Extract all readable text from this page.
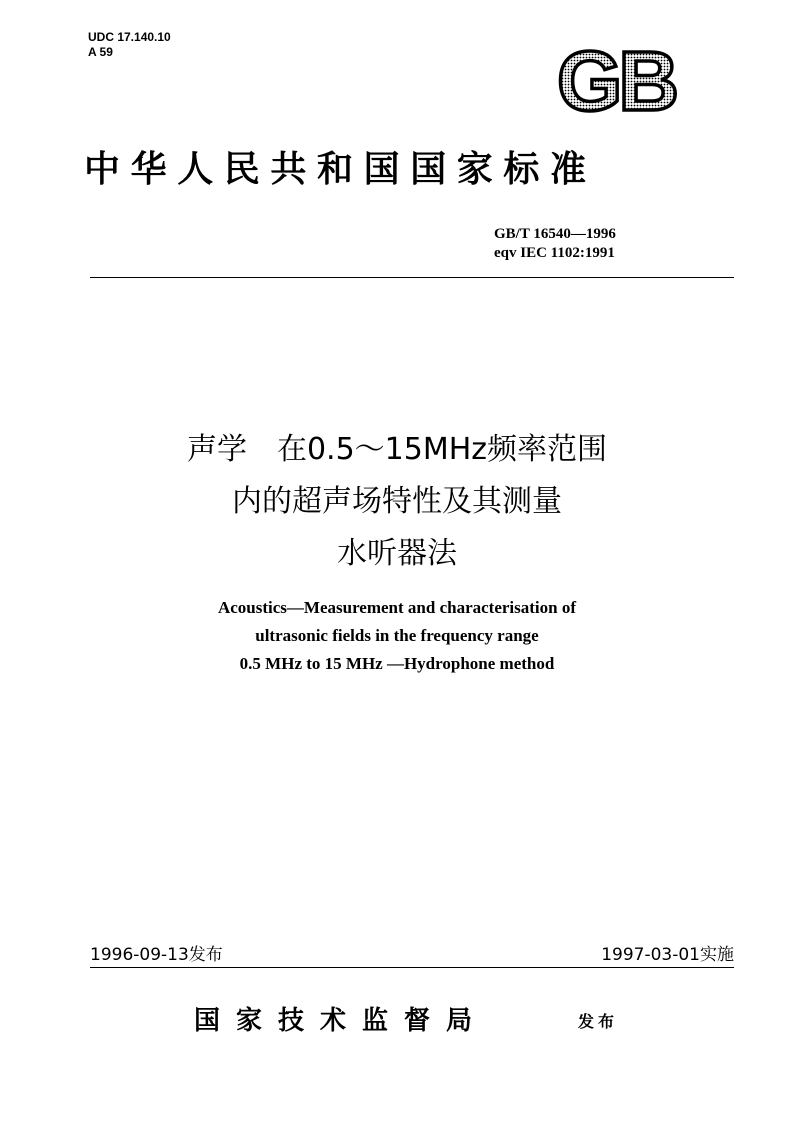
UDC 17.140.10
A 59	GB
中华人民共和国国家标准
GB/T 16540—1996
eqv IEC 1102:1991
声学　在0.5～15MHz频率范围
内的超声场特性及其测量
水听器法
Acoustics—Measurement and characterisation of
ultrasonic fields in the frequency range
0.5 MHz to 15 MHz —Hydrophone method
1996-09-13发布	1997-03-01实施
国家技术监督局	发布
